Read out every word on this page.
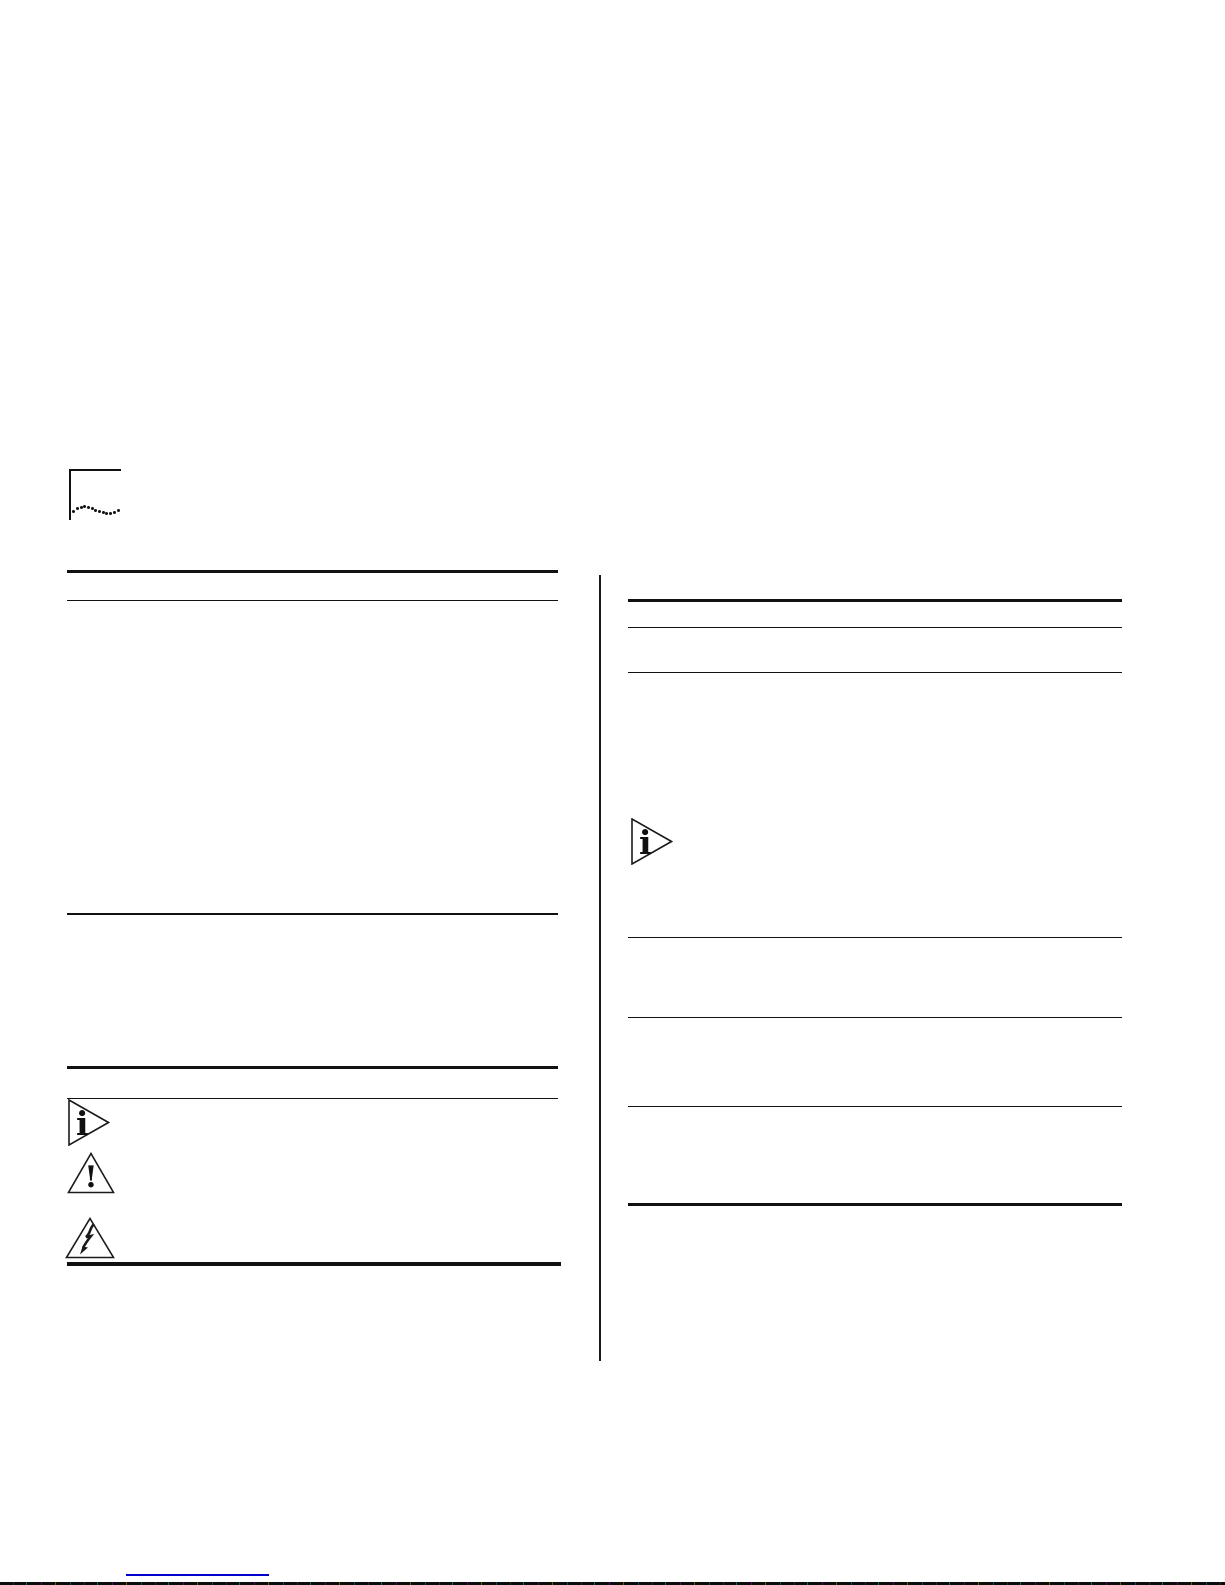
i
!
i
